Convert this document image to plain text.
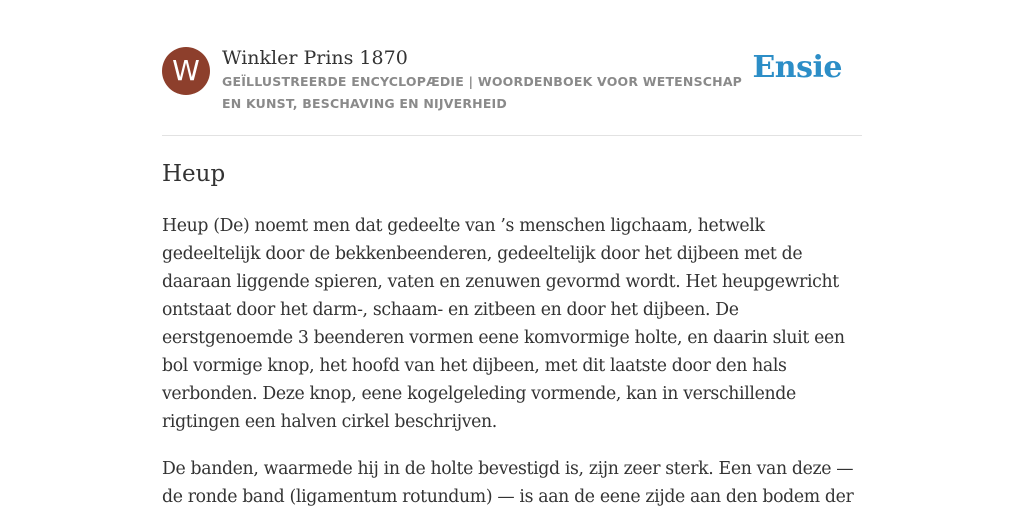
W	Winkler Prins 1870
GEÏLLUSTREERDE ENCYCLOPÆDIE | WOORDENBOEK VOOR WETENSCHAP EN KUNST, BESCHAVING EN NIJVERHEID
Ensie
Heup

Heup (De) noemt men dat gedeelte van ’s menschen ligchaam, hetwelk gedeeltelijk door de bekkenbeenderen, gedeeltelijk door het dijbeen met de daaraan liggende spieren, vaten en zenuwen gevormd wordt. Het heupgewricht ontstaat door het darm-, schaam- en zitbeen en door het dijbeen. De eerstgenoemde 3 beenderen vormen eene komvormige holte, en daarin sluit een bol vormige knop, het hoofd van het dijbeen, met dit laatste door den hals verbonden. Deze knop, eene kogelgeleding vormende, kan in verschillende rigtingen een halven cirkel beschrijven.

De banden, waarmede hij in de holte bevestigd is, zijn zeer sterk. Een van deze — de ronde band (ligamentum rotundum) — is aan de eene zijde aan den bodem der
